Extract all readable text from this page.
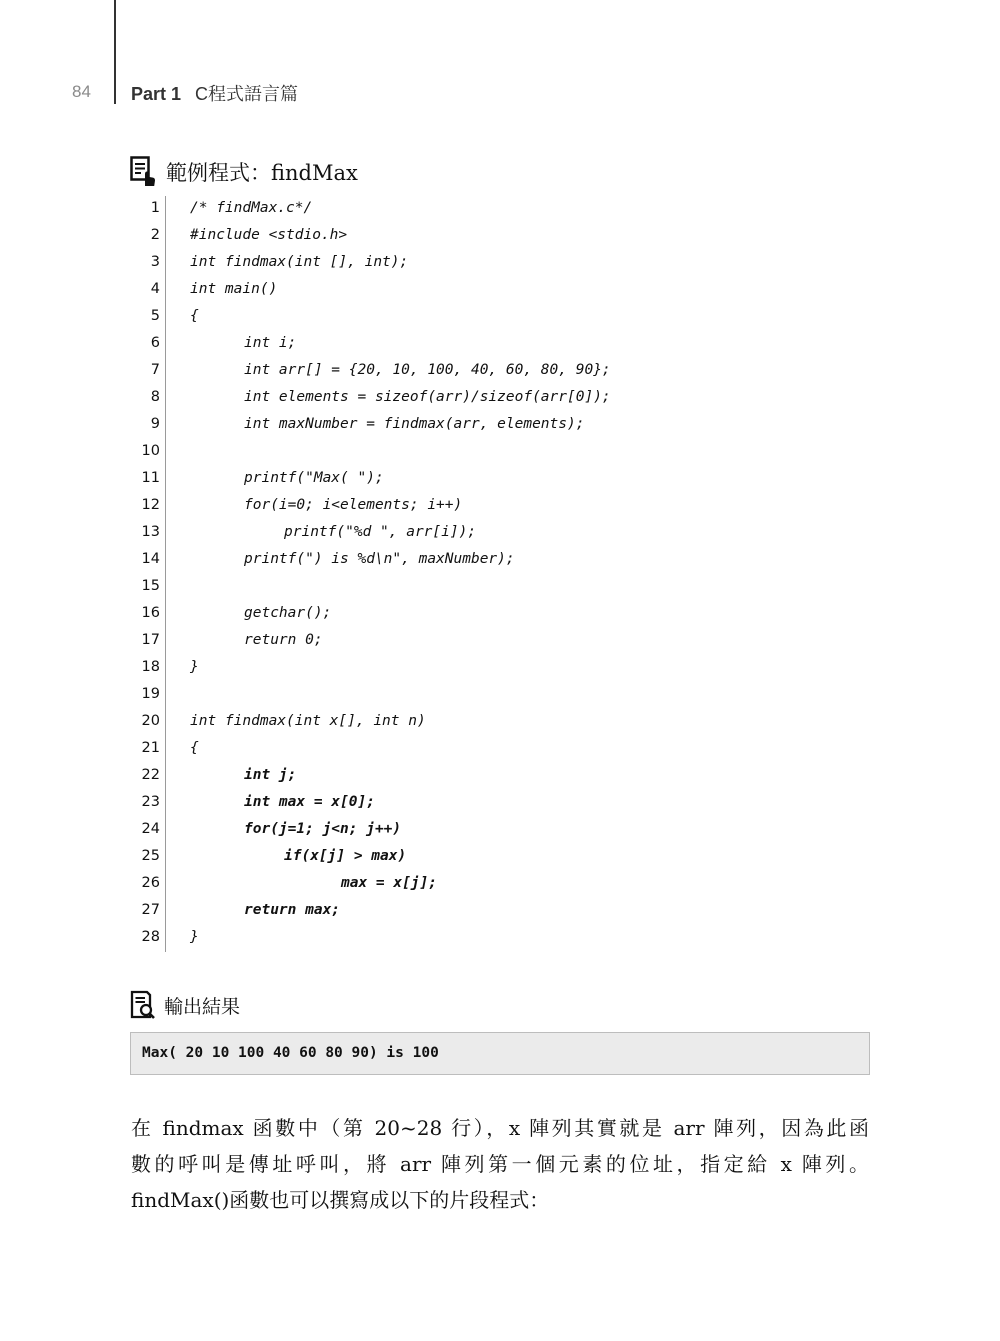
84 Part 1 C程式語言篇
範例程式：findMax
1 /* findMax.c*/
2 #include <stdio.h>
3 int findmax(int [], int);
4 int main()
5 {
6	int i;
7	int arr[] = {20, 10, 100, 40, 60, 80, 90};
8	int elements = sizeof(arr)/sizeof(arr[0]);
9	int maxNumber = findmax(arr, elements);
10
11	printf("Max( ");
12	for(i=0; i<elements; i++)
13	printf("%d ", arr[i]);
14	printf(") is %d\n", maxNumber);
15
16	getchar();
17	return 0;
18 }
19
20 int findmax(int x[], int n)
21 {
22	int j;
23	int max = x[0];
24	for(j=1; j<n; j++)
25	if(x[j] > max)
26	max = x[j];
27	return max;
28 }
輸出結果
Max( 20 10 100 40 60 80 90) is 100
在 findmax 函數中（第 20~28 行），x 陣列其實就是 arr 陣列，因為此函
數的呼叫是傳址呼叫，將 arr 陣列第一個元素的位址，指定給 x 陣列。
findMax()函數也可以撰寫成以下的片段程式：
